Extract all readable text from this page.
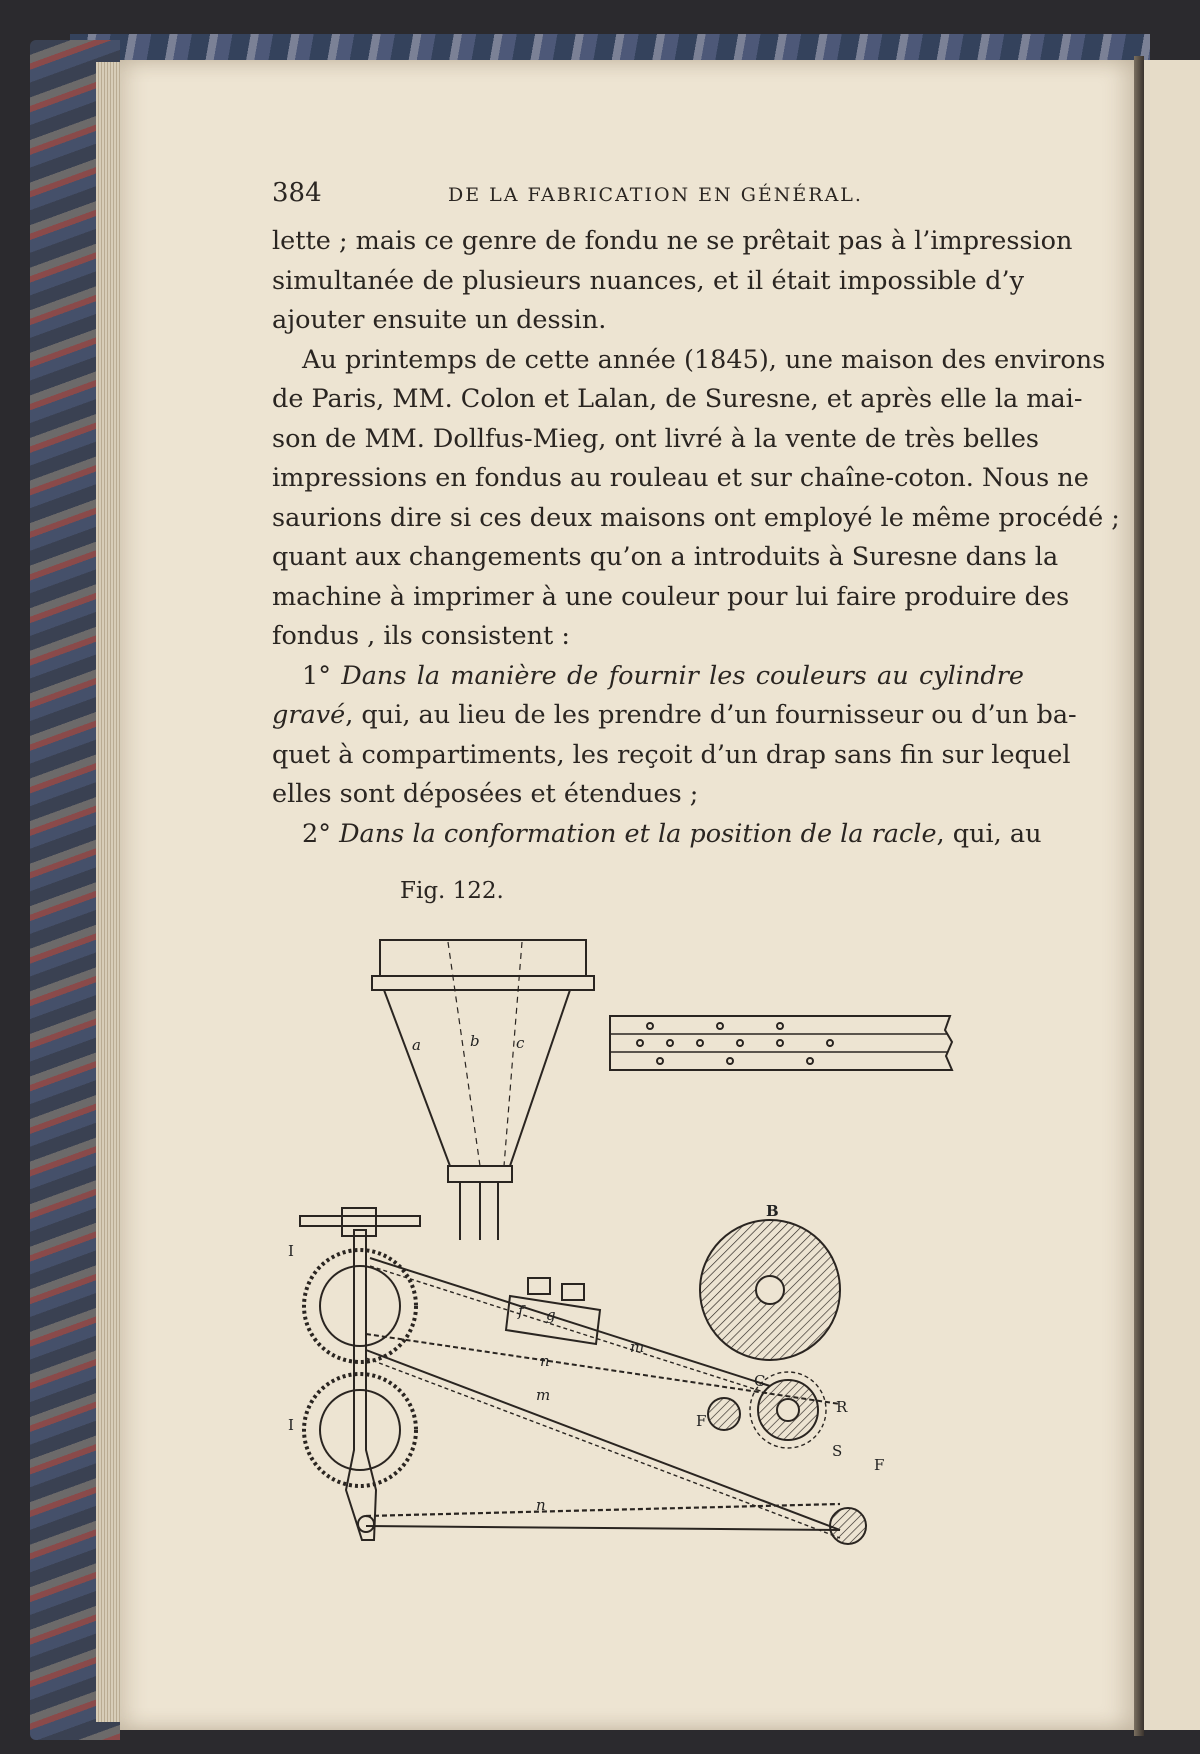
384	DE LA FABRICATION EN GÉNÉRAL.
lette ; mais ce genre de fondu ne se prêtait pas à l’impression
simultanée de plusieurs nuances, et il était impossible d’y
ajouter ensuite un dessin.
Au printemps de cette année (1845), une maison des environs
de Paris, MM. Colon et Lalan, de Suresne, et après elle la mai-
son de MM. Dollfus-Mieg, ont livré à la vente de très belles
impressions en fondus au rouleau et sur chaîne-coton. Nous ne
saurions dire si ces deux maisons ont employé le même procédé ;
quant aux changements qu’on a introduits à Suresne dans la
machine à imprimer à une couleur pour lui faire produire des
fondus , ils consistent :
1° Dans la manière de fournir les couleurs au cylindre
gravé, qui, au lieu de les prendre d’un fournisseur ou d’un ba-
quet à compartiments, les reçoit d’un drap sans fin sur lequel
elles sont déposées et étendues ;
2° Dans la conformation et la position de la racle, qui, au
Fig. 122.
a	b c
B
C
R
S
F
F
I
I
f g
m
m
n
n
